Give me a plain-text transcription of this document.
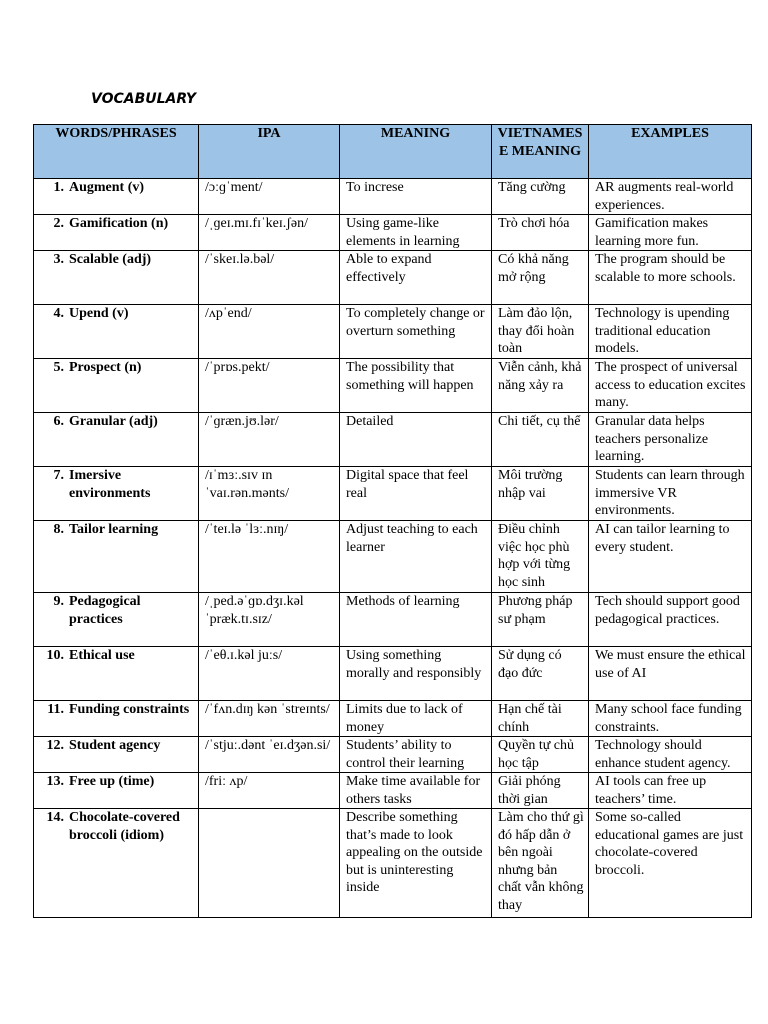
VOCABULARY
WORDS/PHRASES	IPA	MEANING	VIETNAMESE MEANING	EXAMPLES

1. Augment (v)	/ɔːɡˈment/	To increse	Tăng cường	AR augments real-world experiences.

2. Gamification (n)	/ˌɡeɪ.mɪ.fɪˈkeɪ.ʃən/	Using game-like elements in learning	Trò chơi hóa	Gamification makes learning more fun.

3. Scalable (adj)	/ˈskeɪ.lə.bəl/	Able to expand effectively	Có khả năng mở rộng	The program should be scalable to more schools.

4. Upend (v)	/ʌpˈend/	To completely change or overturn something	Làm đảo lộn, thay đổi hoàn toàn	Technology is upending traditional education models.

5. Prospect (n)	/ˈprɒs.pekt/	The possibility that something will happen	Viễn cảnh, khả năng xảy ra	The prospect of universal access to education excites many.

6. Granular (adj)	/ˈɡræn.jʊ.lər/	Detailed	Chi tiết, cụ thể	Granular data helps teachers personalize learning.

7. Imersive environments	/ɪˈmɜː.sɪv ɪn ˈvaɪ.rən.mənts/	Digital space that feel real	Môi trường nhập vai	Students can learn through immersive VR environments.

8. Tailor learning	/ˈteɪ.lə ˈlɜː.nɪŋ/	Adjust teaching to each learner	Điều chỉnh việc học phù hợp với từng học sinh	AI can tailor learning to every student.

9. Pedagogical practices	/ˌped.əˈɡɒ.dʒɪ.kəl ˈpræk.tɪ.sɪz/	Methods of learning	Phương pháp sư phạm	Tech should support good pedagogical practices.

10. Ethical use	/ˈeθ.ɪ.kəl juːs/	Using something morally and responsibly	Sử dụng có đạo đức	We must ensure the ethical use of AI

11. Funding constraints	/ˈfʌn.dɪŋ kən ˈstreɪnts/	Limits due to lack of money	Hạn chế tài chính	Many school face funding constraints.

12. Student agency	/ˈstjuː.dənt ˈeɪ.dʒən.si/	Students’ ability to control their learning	Quyền tự chủ học tập	Technology should enhance student agency.

13. Free up (time)	/friː ʌp/	Make time available for others tasks	Giải phóng thời gian	AI tools can free up teachers’ time.

14. Chocolate-covered broccoli (idiom)		Describe something that’s made to look appealing on the outside but is uninteresting inside	Làm cho thứ gì đó hấp dẫn ở bên ngoài nhưng bản chất vẫn không thay	Some so-called educational games are just chocolate-covered broccoli.
